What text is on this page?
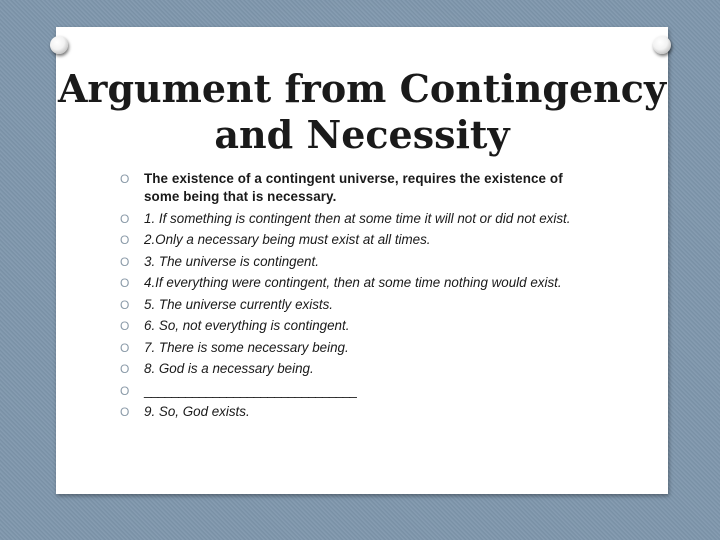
Argument from Contingency
and Necessity
O	The existence of a contingent universe, requires the existence of some being that is necessary.
O	1. If something is contingent then at some time it will not or did not exist.
O	2.Only a necessary being must exist at all times.
O	3. The universe is contingent.
O	4.If everything were contingent, then at some time nothing would exist.
O	5. The universe currently exists.
O	6. So, not everything is contingent.
O	7. There is some necessary being.
O	8. God is a necessary being.
O	_______________________________
O	9. So, God exists.
